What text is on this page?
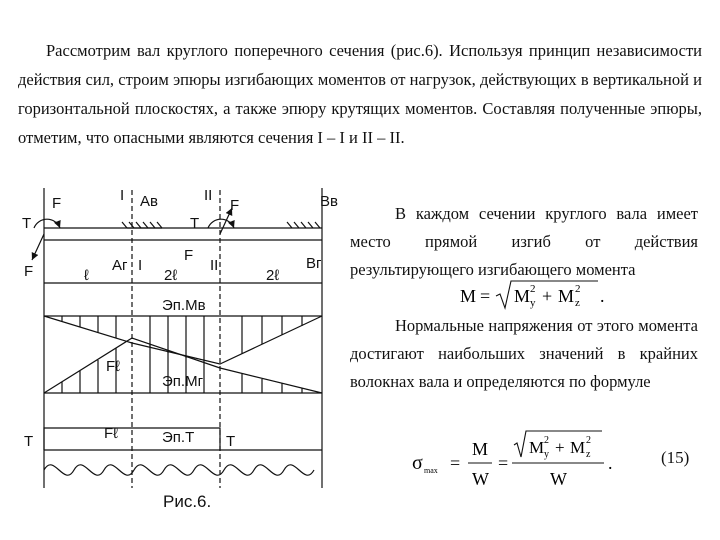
Рассмотрим вал круглого поперечного сечения (рис.6). Используя принцип независимости действия сил, строим эпюры изгибающих моментов от нагрузок, действующих в вертикальной и горизонтальной плоскостях, а также эпюру крутящих моментов. Составляя полученные эпюры, отметим, что опасными являются сечения I – I и II – II.

В каждом сечении круглого вала имеет место прямой изгиб от действия результирующего изгибающего момента

M = M y
2 + M z
2 .

Нормальные напряжения от этого момента достигают наибольших значений в крайних волокнах вала и определяются по формуле

σ max =
M
W
=
M y
2 + M z
2
W
.	(15)
T
F
F
I Aв
Aг I
T
F
II
II
F
Bв
Bг
ℓ	2ℓ	2ℓ
Эп.Mв
Fℓ
Эп.Mг
Fℓ	Эп.T
T	T
Рис.6.
